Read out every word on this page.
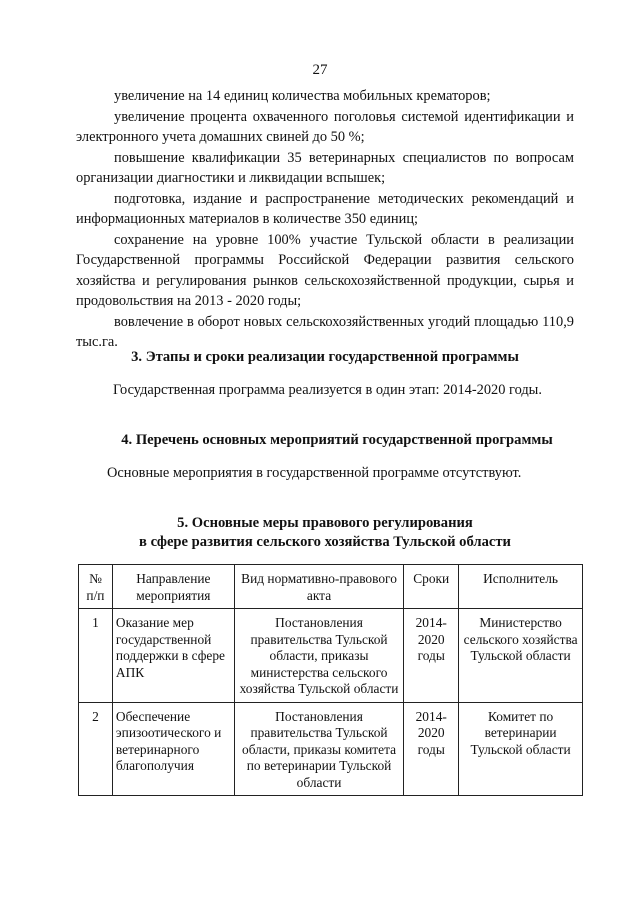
27

увеличение на 14 единиц количества мобильных крематоров;

увеличение процента охваченного поголовья системой идентификации и электронного учета домашних свиней до 50 %;

повышение квалификации 35 ветеринарных специалистов по вопросам организации диагностики и ликвидации вспышек;

подготовка, издание и распространение методических рекомендаций и информационных материалов в количестве 350 единиц;

сохранение на уровне 100% участие Тульской области в реализации Государственной программы Российской Федерации развития сельского хозяйства и регулирования рынков сельскохозяйственной продукции, сырья и продовольствия на 2013 - 2020 годы;

вовлечение в оборот новых сельскохозяйственных угодий площадью 110,9 тыс.га.

3. Этапы и сроки реализации государственной программы
Государственная программа реализуется в один этап: 2014-2020 годы.
4. Перечень основных мероприятий государственной программы
Основные мероприятия в государственной программе отсутствуют.
5. Основные меры правового регулирования
в сфере развития сельского хозяйства Тульской области
№ п/п	Направление мероприятия	Вид нормативно-правового акта	Сроки	Исполнитель
1	Оказание мер государственной поддержки в сфере АПК	Постановления правительства Тульской области, приказы министерства сельского хозяйства Тульской области	2014-2020 годы	Министерство сельского хозяйства Тульской области
2	Обеспечение эпизоотического и ветеринарного благополучия	Постановления правительства Тульской области, приказы комитета по ветеринарии Тульской области	2014-2020 годы	Комитет по ветеринарии Тульской области
